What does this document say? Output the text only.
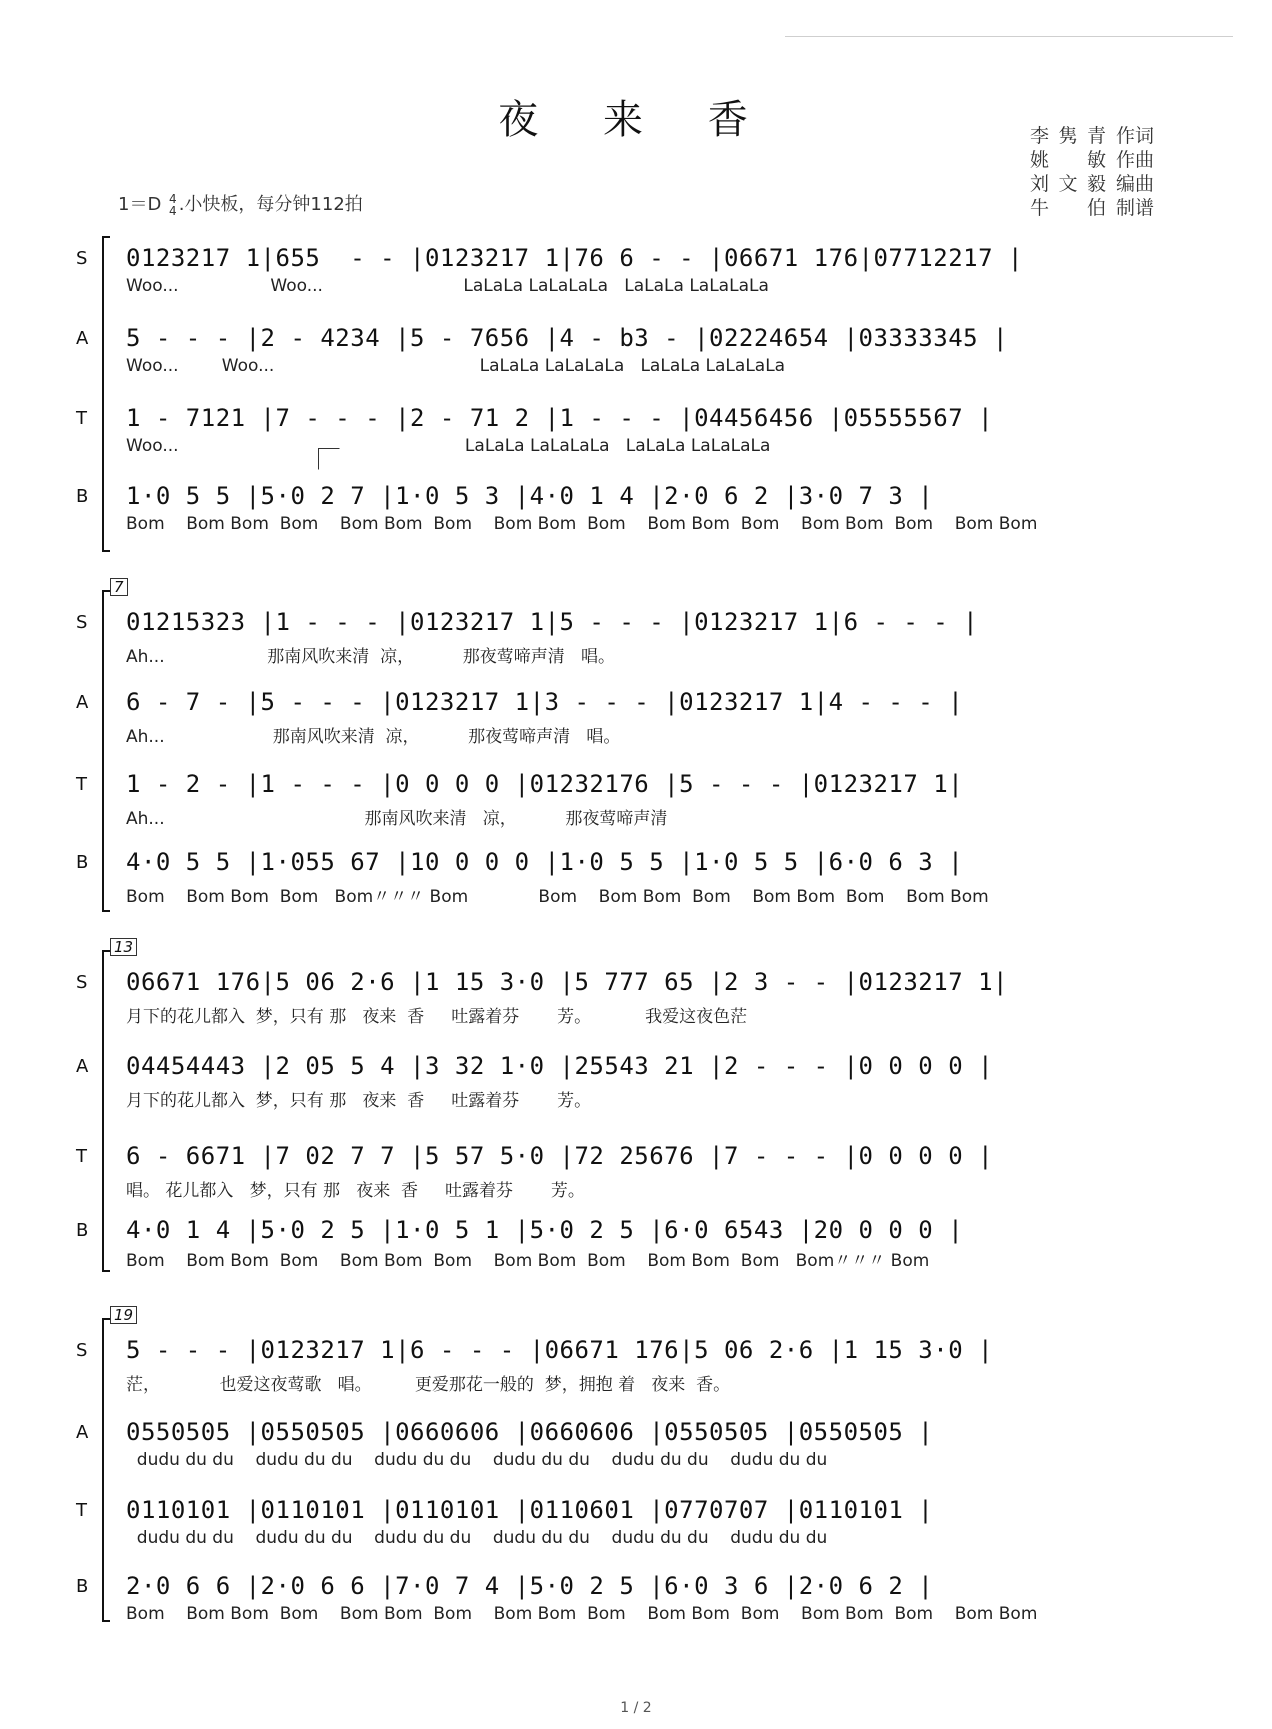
夜 来 香	李隽青 作词
姚 敏 作曲
刘文毅 编曲
牛 伯 制谱
1＝D 4
4 .小快板，每分钟112拍
S 0123217 1|655  - - |0123217 1|76 6 - - |06671 176|07712217 |
Woo...                 Woo...                          LaLaLa LaLaLaLa   LaLaLa LaLaLaLa
A 5 - - - |2 - 4234 |5 - 7656 |4 - b3 - |02224654 |03333345 |
Woo...        Woo...                                      LaLaLa LaLaLaLa   LaLaLa LaLaLaLa
T 1 - 7121 |7 - - - |2 - 71 2 |1 - - - |04456456 |05555567 |
Woo...                                                     LaLaLa LaLaLaLa   LaLaLa LaLaLaLa
B 1·0 5 5 |5·0 2 7 |1·0 5 3 |4·0 1 4 |2·0 6 2 |3·0 7 3 |
Bom    Bom Bom  Bom    Bom Bom  Bom    Bom Bom  Bom    Bom Bom  Bom    Bom Bom  Bom    Bom Bom
7
S 01215323 |1 - - - |0123217 1|5 - - - |0123217 1|6 - - - |
Ah...                   那南风吹来清  凉，         那夜莺啼声清   唱。
A 6 - 7 - |5 - - - |0123217 1|3 - - - |0123217 1|4 - - - |
Ah...                    那南风吹来清  凉，         那夜莺啼声清   唱。
T 1 - 2 - |1 - - - |0 0 0 0 |01232176 |5 - - - |0123217 1|
Ah...                                     那南风吹来清   凉，         那夜莺啼声清
B 4·0 5 5 |1·055 67 |10 0 0 0 |1·0 5 5 |1·0 5 5 |6·0 6 3 |
Bom    Bom Bom  Bom   Bom〃〃〃 Bom             Bom    Bom Bom  Bom    Bom Bom  Bom    Bom Bom
13
S 06671 176|5 06 2·6 |1 15 3·0 |5 777 65 |2 3 - - |0123217 1|
月下的花儿都入  梦，只有 那   夜来  香     吐露着芬       芳。          我爱这夜色茫
A 04454443 |2 05 5 4 |3 32 1·0 |25543 21 |2 - - - |0 0 0 0 |
月下的花儿都入  梦，只有 那   夜来  香     吐露着芬       芳。
T 6 - 6671 |7 02 7 7 |5 57 5·0 |72 25676 |7 - - - |0 0 0 0 |
唱。 花儿都入   梦，只有 那   夜来  香     吐露着芬       芳。
B 4·0 1 4 |5·0 2 5 |1·0 5 1 |5·0 2 5 |6·0 6543 |20 0 0 0 |
Bom    Bom Bom  Bom    Bom Bom  Bom    Bom Bom  Bom    Bom Bom  Bom   Bom〃〃〃 Bom
19
S 5 - - - |0123217 1|6 - - - |06671 176|5 06 2·6 |1 15 3·0 |
茫，           也爱这夜莺歌   唱。        更爱那花一般的  梦，拥抱 着   夜来  香。
A 0550505 |0550505 |0660606 |0660606 |0550505 |0550505 |
dudu du du    dudu du du    dudu du du    dudu du du    dudu du du    dudu du du
T 0110101 |0110101 |0110101 |0110601 |0770707 |0110101 |
dudu du du    dudu du du    dudu du du    dudu du du    dudu du du    dudu du du
B 2·0 6 6 |2·0 6 6 |7·0 7 4 |5·0 2 5 |6·0 3 6 |2·0 6 2 |
Bom    Bom Bom  Bom    Bom Bom  Bom    Bom Bom  Bom    Bom Bom  Bom    Bom Bom  Bom    Bom Bom
1 / 2
